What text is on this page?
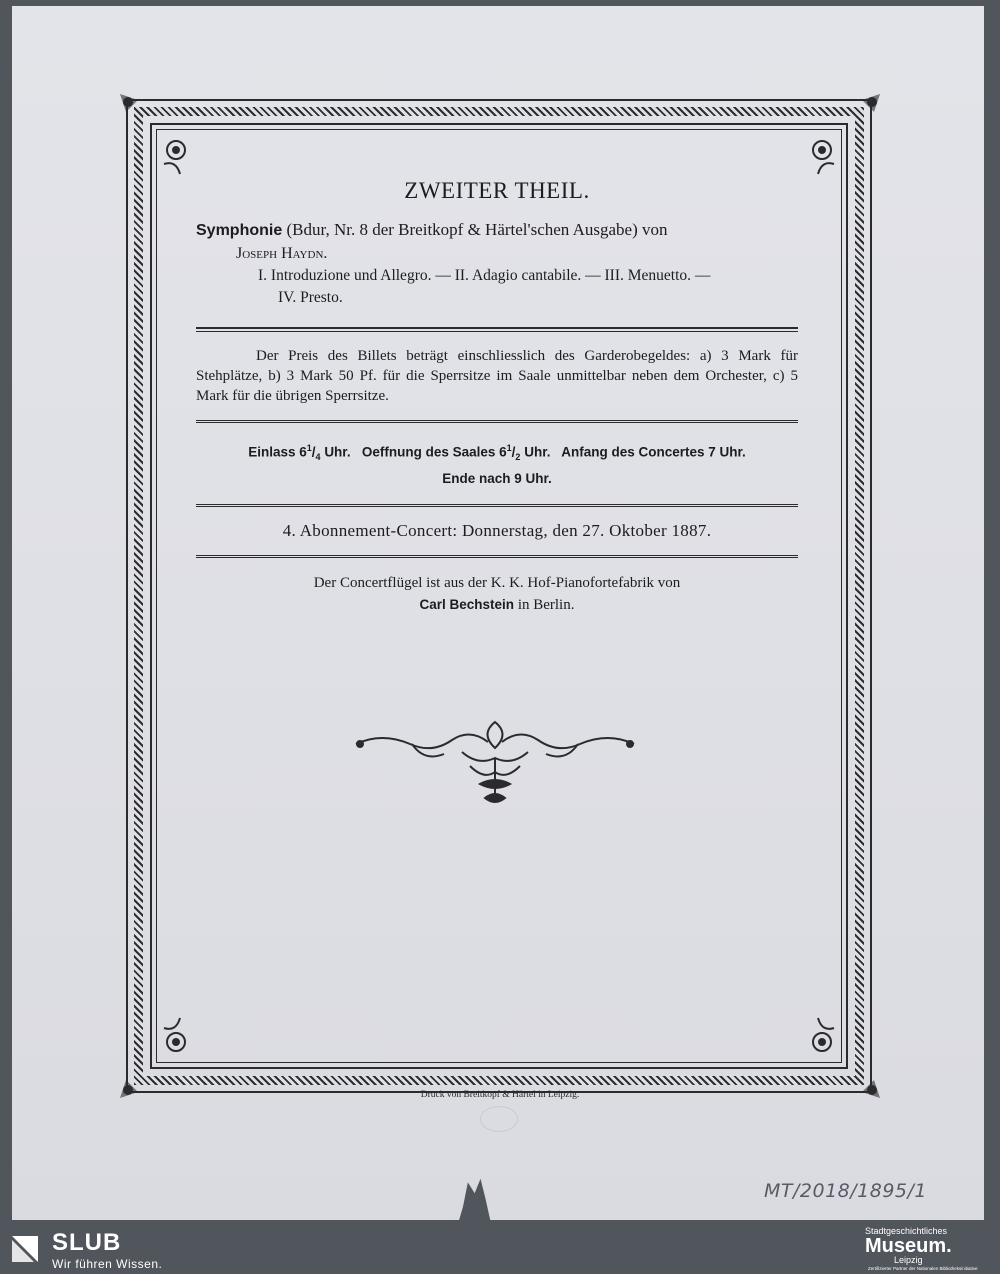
ZWEITER THEIL.
Symphonie (Bdur, Nr. 8 der Breitkopf & Härtel'schen Ausgabe) von
Joseph Haydn.
I. Introduzione und Allegro. — II. Adagio cantabile. — III. Menuetto. —
IV. Presto.
Der Preis des Billets beträgt einschliesslich des Garderobegeldes: a) 3 Mark für Stehplätze, b) 3 Mark 50 Pf. für die Sperrsitze im Saale unmittelbar neben dem Orchester, c) 5 Mark für die übrigen Sperrsitze.
Einlass $6^1/_4$ Uhr. Oeffnung des Saales $6^1/_2$ Uhr. Anfang des Concertes 7 Uhr.
Ende nach 9 Uhr.
4. Abonnement-Concert: Donnerstag, den 27. Oktober 1887.
Der Concertflügel ist aus der K. K. Hof-Pianofortefabrik von
Carl Bechstein in Berlin.
Druck von Breitkopf & Härtel in Leipzig.
MT/2018/1895/1
SLUB
Wir führen Wissen.
Stadtgeschichtliches
Museum.
Leipzig
Zertifizierter Partner der Nationalen Bibliotheksinitiative
